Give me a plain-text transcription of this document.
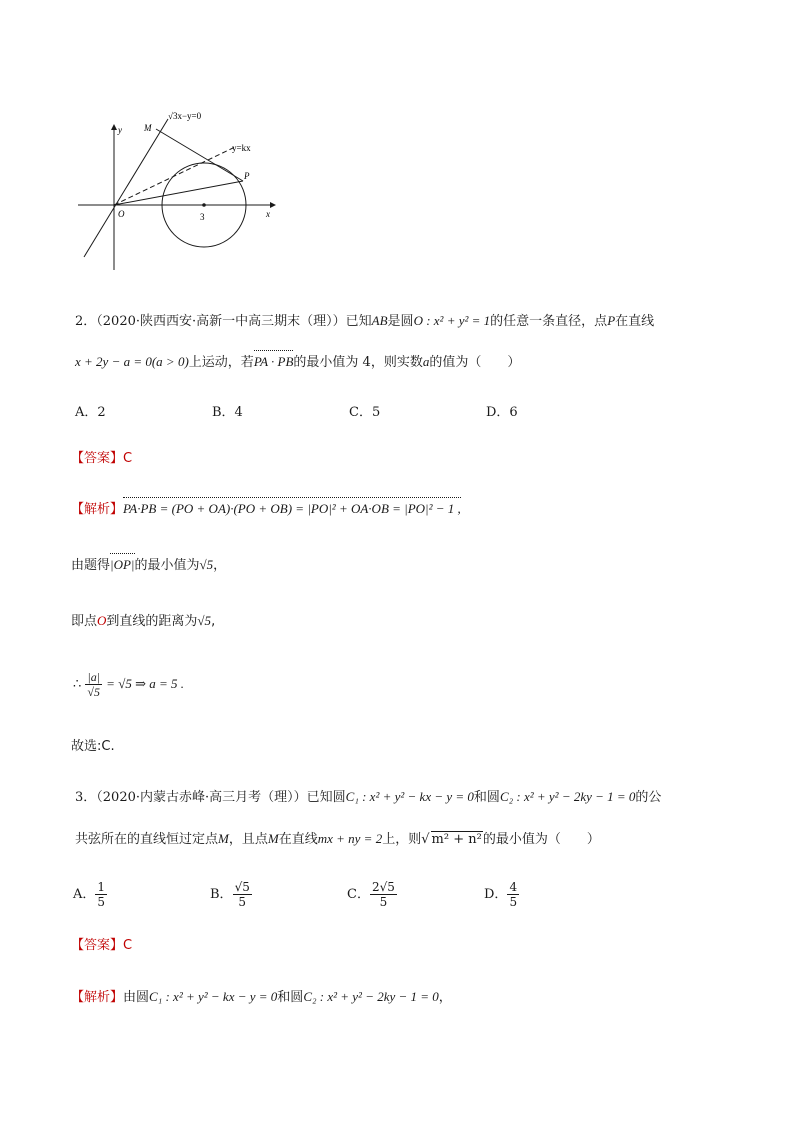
y
x
O
M
P
3
√3x−y=0
y=kx
2．（2020·陕西西安·高新一中高三期末（理））已知AB是圆O : x² + y² = 1的任意一条直径，点P在直线
x + 2y − a = 0(a > 0)上运动，若PA · PB的最小值为 4，则实数a的值为（　　）
A．2	B．4	C．5	D．6
【答案】C
【解析】PA·PB = (PO + OA)·(PO + OB) = |PO|² + OA·OB = |PO|² − 1 ,
由题得|OP|的最小值为√5，
即点O到直线的距离为√5,
∴ $\frac{|a|}{√5} = √5$ ⇒ a = 5 .
故选:C.
3．（2020·内蒙古赤峰·高三月考（理））已知圆C₁ : x² + y² − kx − y = 0和圆C₂ : x² + y² − 2ky − 1 = 0的公
共弦所在的直线恒过定点M，且点M在直线mx + ny = 2上，则√ m² + n²的最小值为（　　）
A． $\frac{1}{5}$	B． $\frac{√5}{5}$	C． $\frac{2√5}{5}$	D． $\frac{4}{5}$
【答案】C
【解析】由圆C₁ : x² + y² − kx − y = 0和圆C₂ : x² + y² − 2ky − 1 = 0，
